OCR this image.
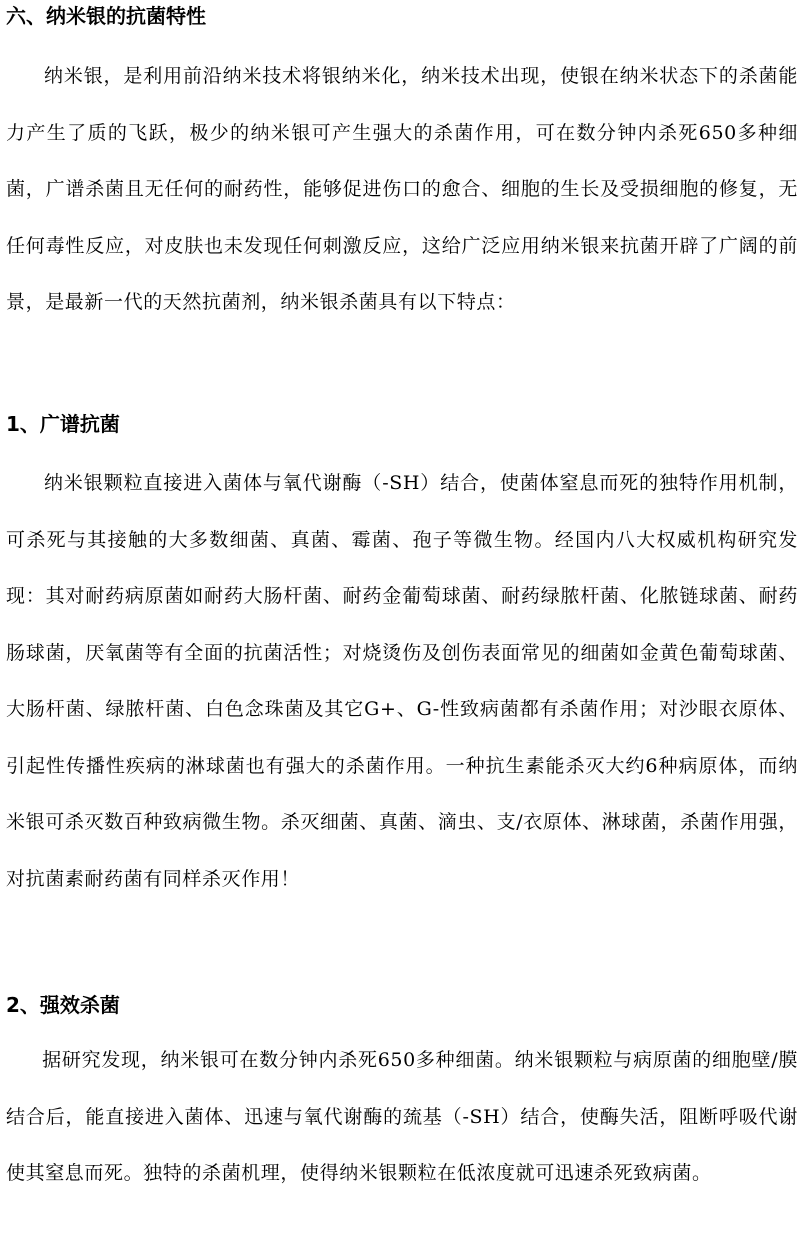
六、纳米银的抗菌特性
纳米银，是利用前沿纳米技术将银纳米化，纳米技术出现，使银在纳米状态下的杀菌能力产生了质的飞跃，极少的纳米银可产生强大的杀菌作用，可在数分钟内杀死650多种细菌，广谱杀菌且无任何的耐药性，能够促进伤口的愈合、细胞的生长及受损细胞的修复，无任何毒性反应，对皮肤也未发现任何刺激反应，这给广泛应用纳米银来抗菌开辟了广阔的前景，是最新一代的天然抗菌剂，纳米银杀菌具有以下特点：
1、广谱抗菌
纳米银颗粒直接进入菌体与氧代谢酶（-SH）结合，使菌体窒息而死的独特作用机制，可杀死与其接触的大多数细菌、真菌、霉菌、孢子等微生物。经国内八大权威机构研究发现：其对耐药病原菌如耐药大肠杆菌、耐药金葡萄球菌、耐药绿脓杆菌、化脓链球菌、耐药肠球菌，厌氧菌等有全面的抗菌活性；对烧烫伤及创伤表面常见的细菌如金黄色葡萄球菌、大肠杆菌、绿脓杆菌、白色念珠菌及其它G+、G-性致病菌都有杀菌作用；对沙眼衣原体、引起性传播性疾病的淋球菌也有强大的杀菌作用。一种抗生素能杀灭大约6种病原体，而纳米银可杀灭数百种致病微生物。杀灭细菌、真菌、滴虫、支/衣原体、淋球菌，杀菌作用强，对抗菌素耐药菌有同样杀灭作用！
2、强效杀菌
据研究发现，纳米银可在数分钟内杀死650多种细菌。纳米银颗粒与病原菌的细胞壁/膜结合后，能直接进入菌体、迅速与氧代谢酶的巯基（-SH）结合，使酶失活，阻断呼吸代谢使其窒息而死。独特的杀菌机理，使得纳米银颗粒在低浓度就可迅速杀死致病菌。
